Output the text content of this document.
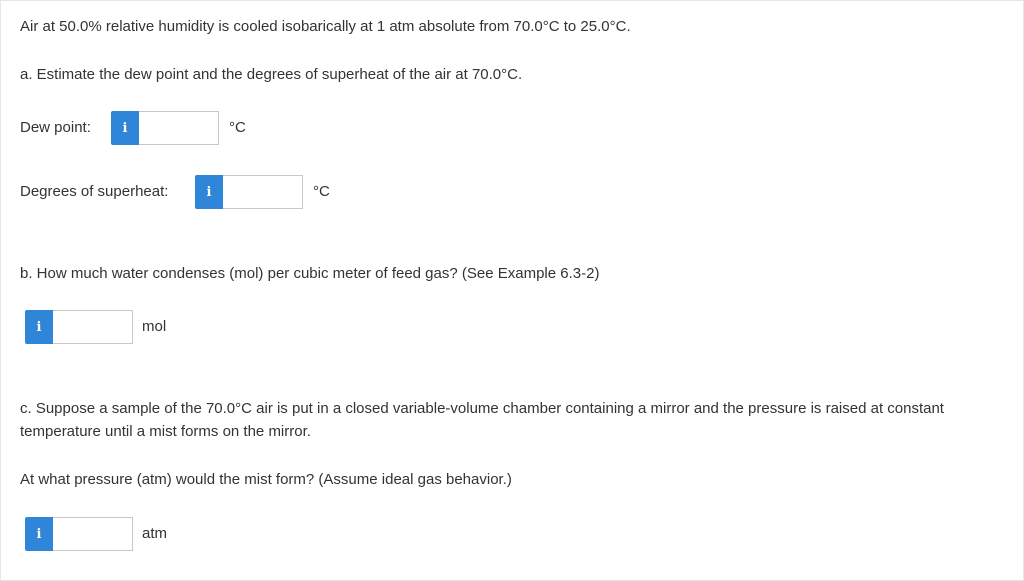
Air at 50.0% relative humidity is cooled isobarically at 1 atm absolute from 70.0°C to 25.0°C.
a. Estimate the dew point and the degrees of superheat of the air at 70.0°C.
Dew point:	i	°C
Degrees of superheat:	i	°C
b. How much water condenses (mol) per cubic meter of feed gas? (See Example 6.3-2)
i	mol
c. Suppose a sample of the 70.0°C air is put in a closed variable-volume chamber containing a mirror and the pressure is raised at constant temperature until a mist forms on the mirror.
At what pressure (atm) would the mist form? (Assume ideal gas behavior.)
i	atm
